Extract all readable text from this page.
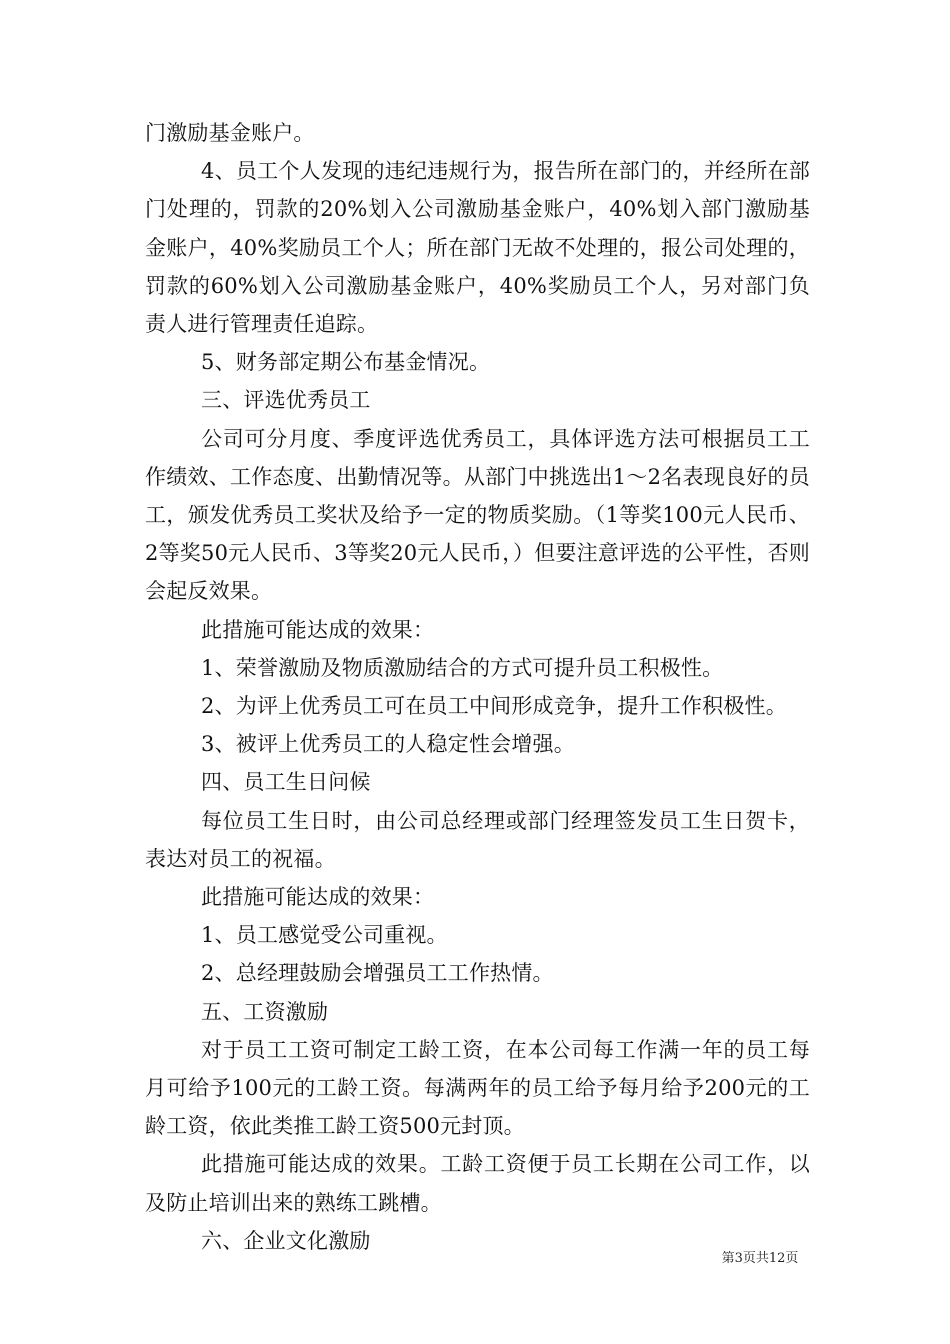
门激励基金账户。

4、员工个人发现的违纪违规行为，报告所在部门的，并经所在部门处理的，罚款的20%划入公司激励基金账户，40%划入部门激励基金账户，40%奖励员工个人；所在部门无故不处理的，报公司处理的，罚款的60%划入公司激励基金账户，40%奖励员工个人，另对部门负责人进行管理责任追踪。

5、财务部定期公布基金情况。

三、评选优秀员工

公司可分月度、季度评选优秀员工，具体评选方法可根据员工工作绩效、工作态度、出勤情况等。从部门中挑选出1～2名表现良好的员工，颁发优秀员工奖状及给予一定的物质奖励。（1等奖100元人民币、2等奖50元人民币、3等奖20元人民币，）但要注意评选的公平性，否则会起反效果。

此措施可能达成的效果：

1、荣誉激励及物质激励结合的方式可提升员工积极性。

2、为评上优秀员工可在员工中间形成竞争，提升工作积极性。

3、被评上优秀员工的人稳定性会增强。

四、员工生日问候

每位员工生日时，由公司总经理或部门经理签发员工生日贺卡，表达对员工的祝福。

此措施可能达成的效果：

1、员工感觉受公司重视。

2、总经理鼓励会增强员工工作热情。

五、工资激励

对于员工工资可制定工龄工资，在本公司每工作满一年的员工每月可给予100元的工龄工资。每满两年的员工给予每月给予200元的工龄工资，依此类推工龄工资500元封顶。

此措施可能达成的效果。工龄工资便于员工长期在公司工作，以及防止培训出来的熟练工跳槽。

六、企业文化激励

第3页共12页
